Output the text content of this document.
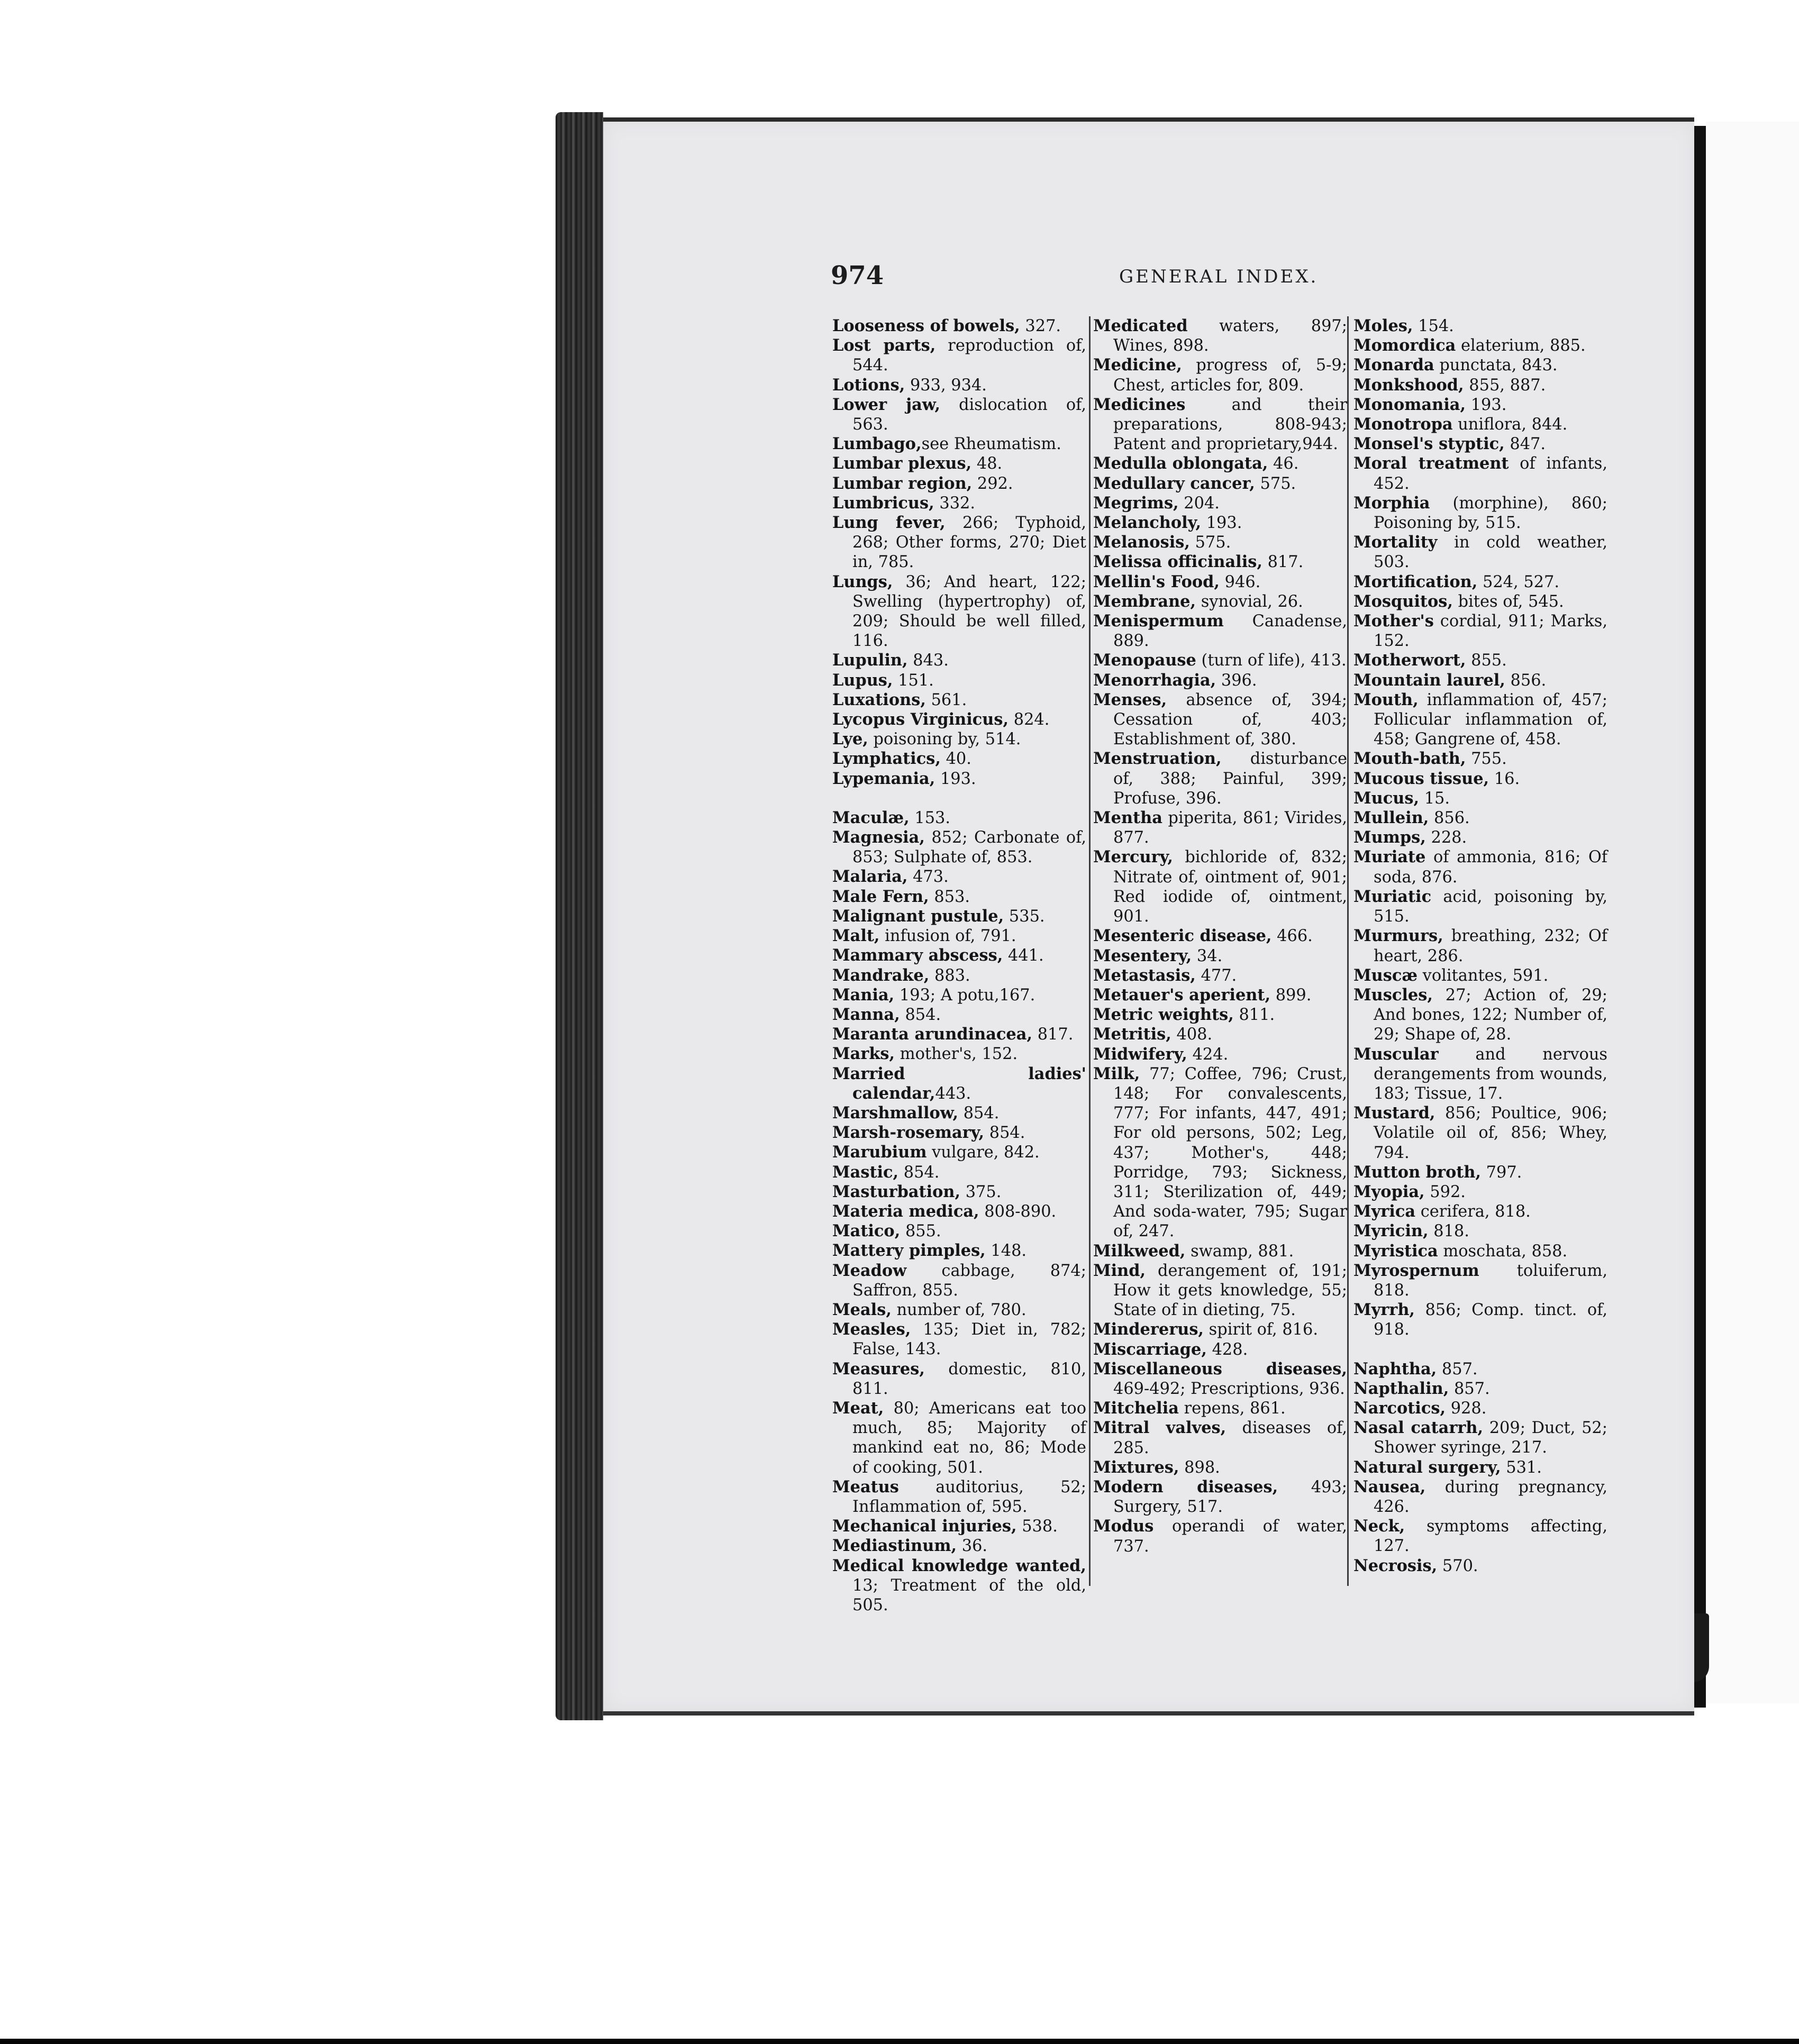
974	GENERAL INDEX.

Looseness of bowels, 327.

Lost parts, reproduction of, 544.

Lotions, 933, 934.

Lower jaw, dislocation of, 563.

Lumbago,see Rheumatism.

Lumbar plexus, 48.

Lumbar region, 292.

Lumbricus, 332.

Lung fever, 266; Typhoid, 268; Other forms, 270; Diet in, 785.

Lungs, 36; And heart, 122; Swelling (hypertrophy) of, 209; Should be well filled, 116.

Lupulin, 843.

Lupus, 151.

Luxations, 561.

Lycopus Virginicus, 824.

Lye, poisoning by, 514.

Lymphatics, 40.

Lypemania, 193.

Maculæ, 153.

Magnesia, 852; Carbonate of, 853; Sulphate of, 853.

Malaria, 473.

Male Fern, 853.

Malignant pustule, 535.

Malt, infusion of, 791.

Mammary abscess, 441.

Mandrake, 883.

Mania, 193; A potu,167.

Manna, 854.

Maranta arundinacea, 817.

Marks, mother's, 152.

Married ladies' calendar,443.

Marshmallow, 854.

Marsh-rosemary, 854.

Marubium vulgare, 842.

Mastic, 854.

Masturbation, 375.

Materia medica, 808-890.

Matico, 855.

Mattery pimples, 148.

Meadow cabbage, 874; Saffron, 855.

Meals, number of, 780.

Measles, 135; Diet in, 782; False, 143.

Measures, domestic, 810, 811.

Meat, 80; Americans eat too much, 85; Majority of mankind eat no, 86; Mode of cooking, 501.

Meatus auditorius, 52; Inflammation of, 595.

Mechanical injuries, 538.

Mediastinum, 36.

Medical knowledge wanted, 13; Treatment of the old, 505.

Medicated waters, 897; Wines, 898.

Medicine, progress of, 5-9; Chest, articles for, 809.

Medicines and their preparations, 808-943; Patent and proprietary,944.

Medulla oblongata, 46.

Medullary cancer, 575.

Megrims, 204.

Melancholy, 193.

Melanosis, 575.

Melissa officinalis, 817.

Mellin's Food, 946.

Membrane, synovial, 26.

Menispermum Canadense, 889.

Menopause (turn of life), 413.

Menorrhagia, 396.

Menses, absence of, 394; Cessation of, 403; Establishment of, 380.

Menstruation, disturbance of, 388; Painful, 399; Profuse, 396.

Mentha piperita, 861; Virides, 877.

Mercury, bichloride of, 832; Nitrate of, ointment of, 901; Red iodide of, ointment, 901.

Mesenteric disease, 466.

Mesentery, 34.

Metastasis, 477.

Metauer's aperient, 899.

Metric weights, 811.

Metritis, 408.

Midwifery, 424.

Milk, 77; Coffee, 796; Crust, 148; For convalescents, 777; For infants, 447, 491; For old persons, 502; Leg, 437; Mother's, 448; Porridge, 793; Sickness, 311; Sterilization of, 449; And soda-water, 795; Sugar of, 247.

Milkweed, swamp, 881.

Mind, derangement of, 191; How it gets knowledge, 55; State of in dieting, 75.

Mindererus, spirit of, 816.

Miscarriage, 428.

Miscellaneous diseases, 469-492; Prescriptions, 936.

Mitchelia repens, 861.

Mitral valves, diseases of, 285.

Mixtures, 898.

Modern diseases, 493; Surgery, 517.

Modus operandi of water, 737.

Moles, 154.

Momordica elaterium, 885.

Monarda punctata, 843.

Monkshood, 855, 887.

Monomania, 193.

Monotropa uniflora, 844.

Monsel's styptic, 847.

Moral treatment of infants, 452.

Morphia (morphine), 860; Poisoning by, 515.

Mortality in cold weather, 503.

Mortification, 524, 527.

Mosquitos, bites of, 545.

Mother's cordial, 911; Marks, 152.

Motherwort, 855.

Mountain laurel, 856.

Mouth, inflammation of, 457; Follicular inflammation of, 458; Gangrene of, 458.

Mouth-bath, 755.

Mucous tissue, 16.

Mucus, 15.

Mullein, 856.

Mumps, 228.

Muriate of ammonia, 816; Of soda, 876.

Muriatic acid, poisoning by, 515.

Murmurs, breathing, 232; Of heart, 286.

Muscæ volitantes, 591.

Muscles, 27; Action of, 29; And bones, 122; Number of, 29; Shape of, 28.

Muscular and nervous derangements from wounds, 183; Tissue, 17.

Mustard, 856; Poultice, 906; Volatile oil of, 856; Whey, 794.

Mutton broth, 797.

Myopia, 592.

Myrica cerifera, 818.

Myricin, 818.

Myristica moschata, 858.

Myrospernum toluiferum, 818.

Myrrh, 856; Comp. tinct. of, 918.

Naphtha, 857.

Napthalin, 857.

Narcotics, 928.

Nasal catarrh, 209; Duct, 52; Shower syringe, 217.

Natural surgery, 531.

Nausea, during pregnancy, 426.

Neck, symptoms affecting, 127.

Necrosis, 570.
